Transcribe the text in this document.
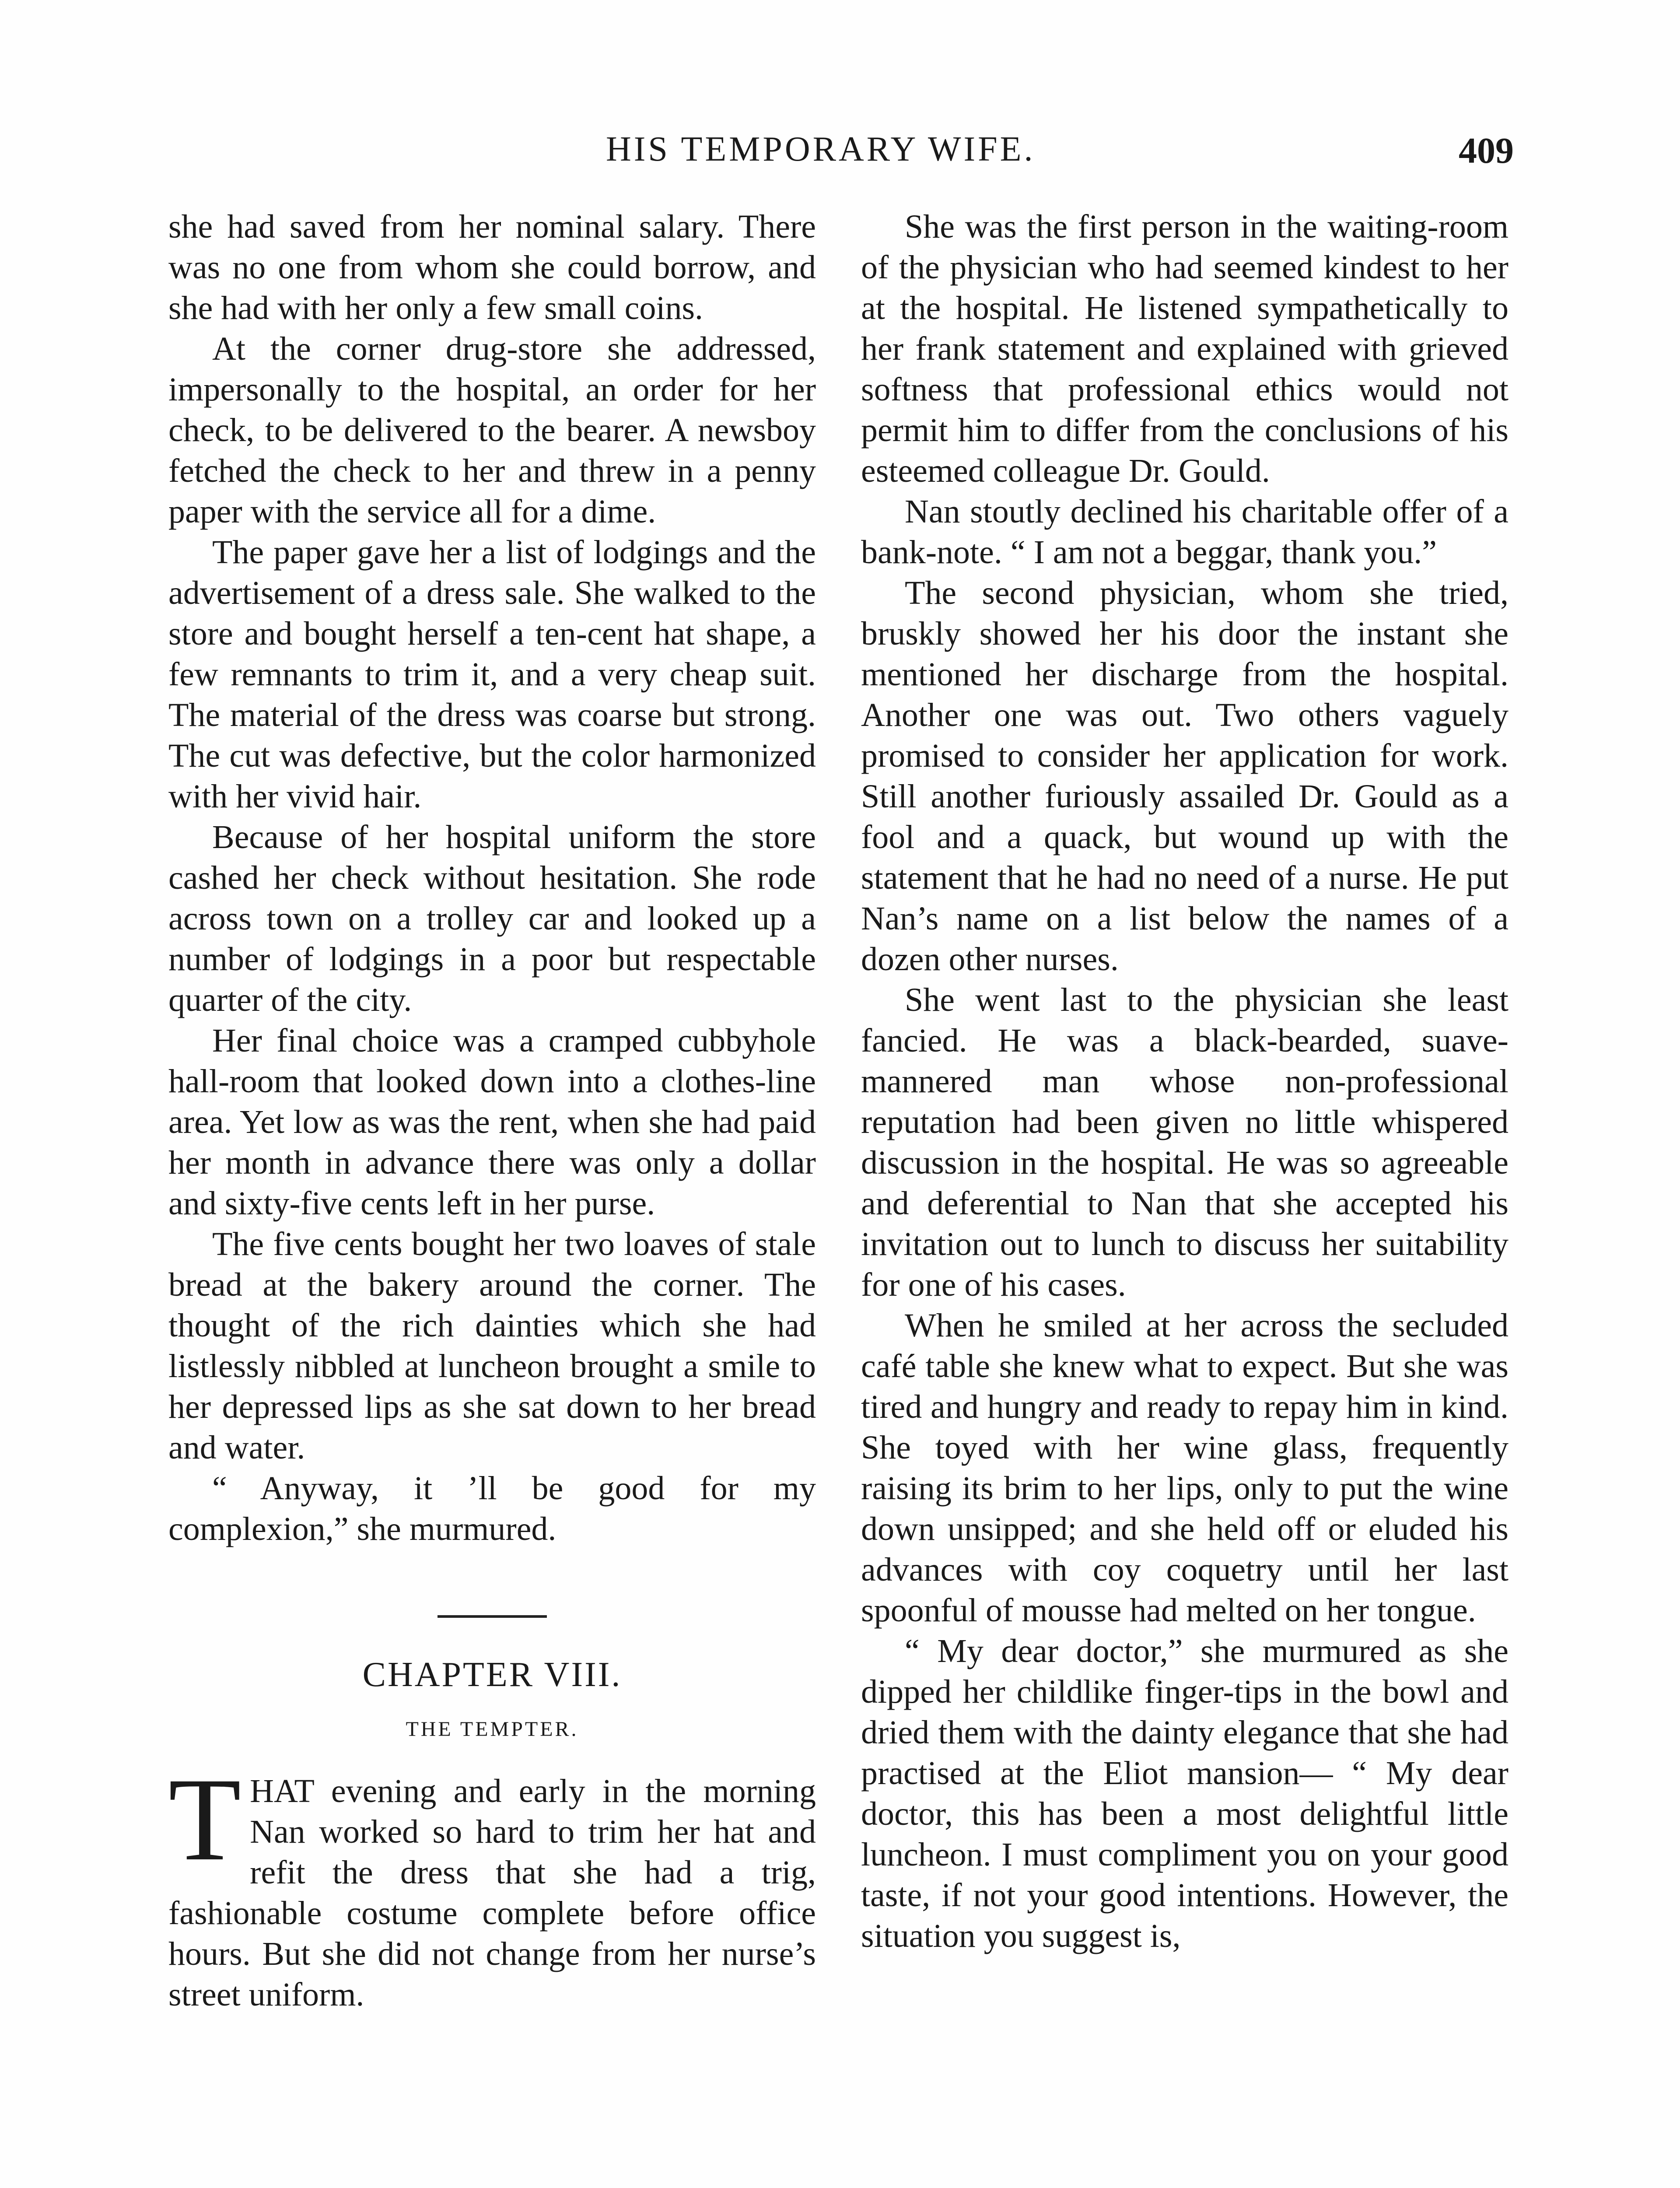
HIS TEMPORARY WIFE.	409

she had saved from her nominal salary. There was no one from whom she could borrow, and she had with her only a few small coins.

At the corner drug-store she addressed, impersonally to the hospital, an order for her check, to be delivered to the bearer. A newsboy fetched the check to her and threw in a penny paper with the service all for a dime.

The paper gave her a list of lodgings and the advertisement of a dress sale. She walked to the store and bought herself a ten-cent hat shape, a few remnants to trim it, and a very cheap suit. The material of the dress was coarse but strong. The cut was defective, but the color harmonized with her vivid hair.

Because of her hospital uniform the store cashed her check without hesitation. She rode across town on a trolley car and looked up a number of lodgings in a poor but respectable quarter of the city.

Her final choice was a cramped cubbyhole hall-room that looked down into a clothes-line area. Yet low as was the rent, when she had paid her month in advance there was only a dollar and sixty-five cents left in her purse.

The five cents bought her two loaves of stale bread at the bakery around the corner. The thought of the rich dainties which she had listlessly nibbled at luncheon brought a smile to her depressed lips as she sat down to her bread and water.

“ Anyway, it ’ll be good for my complexion,” she murmured.

CHAPTER VIII.
THE TEMPTER.

THAT evening and early in the morning Nan worked so hard to trim her hat and refit the dress that she had a trig, fashionable costume complete before office hours. But she did not change from her nurse’s street uniform.

She was the first person in the waiting-room of the physician who had seemed kindest to her at the hospital. He listened sympathetically to her frank statement and explained with grieved softness that professional ethics would not permit him to differ from the conclusions of his esteemed colleague Dr. Gould.

Nan stoutly declined his charitable offer of a bank-note. “ I am not a beggar, thank you.”

The second physician, whom she tried, bruskly showed her his door the instant she mentioned her discharge from the hospital. Another one was out. Two others vaguely promised to consider her application for work. Still another furiously assailed Dr. Gould as a fool and a quack, but wound up with the statement that he had no need of a nurse. He put Nan’s name on a list below the names of a dozen other nurses.

She went last to the physician she least fancied. He was a black-bearded, suave-mannered man whose non-professional reputation had been given no little whispered discussion in the hospital. He was so agreeable and deferential to Nan that she accepted his invitation out to lunch to discuss her suitability for one of his cases.

When he smiled at her across the secluded café table she knew what to expect. But she was tired and hungry and ready to repay him in kind. She toyed with her wine glass, frequently raising its brim to her lips, only to put the wine down unsipped; and she held off or eluded his advances with coy coquetry until her last spoonful of mousse had melted on her tongue.

“ My dear doctor,” she murmured as she dipped her childlike finger-tips in the bowl and dried them with the dainty elegance that she had practised at the Eliot mansion— “ My dear doctor, this has been a most delightful little luncheon. I must compliment you on your good taste, if not your good intentions. However, the situation you suggest is,
